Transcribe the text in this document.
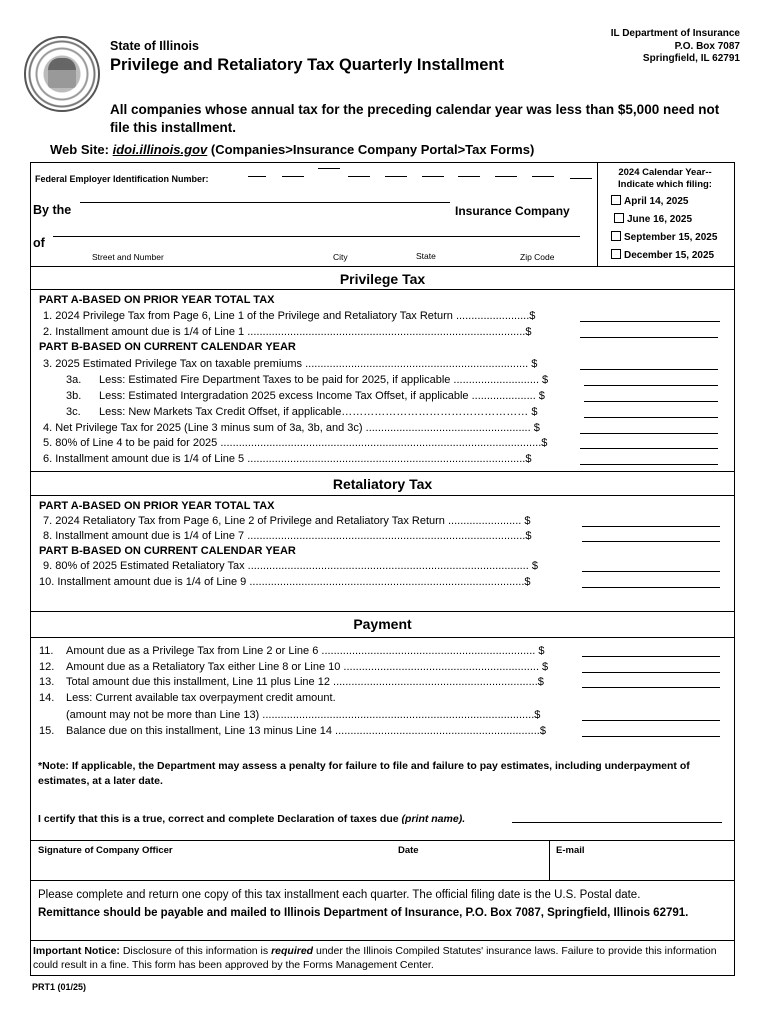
State of Illinois
Privilege and Retaliatory Tax Quarterly Installment
IL Department of Insurance
P.O. Box 7087
Springfield, IL 62791
All companies whose annual tax for the preceding calendar year was less than $5,000 need not file this installment.
Web Site: idoi.illinois.gov (Companies>Insurance Company Portal>Tax Forms)
Federal Employer Identification Number:
By the	Insurance Company
of
Street and Number	City	State	Zip Code
2024 Calendar Year--
Indicate which filing:
April 14, 2025
June 16, 2025
September 15, 2025
December 15, 2025
Privilege Tax
PART A-BASED ON PRIOR YEAR TOTAL TAX
1. 2024 Privilege Tax from Page 6, Line 1 of the Privilege and Retaliatory Tax Return ........................$
2. Installment amount due is 1/4 of Line 1 ...........................................................................................$
PART B-BASED ON CURRENT CALENDAR YEAR
3. 2025 Estimated Privilege Tax on taxable premiums ......................................................................... $
3a. Less: Estimated Fire Department Taxes to be paid for 2025, if applicable ............................ $
3b. Less: Estimated Intergradation 2025 excess Income Tax Offset, if applicable ..................... $
3c. Less: New Markets Tax Credit Offset, if applicable…………………………………………… $
4. Net Privilege Tax for 2025 (Line 3 minus sum of 3a, 3b, and 3c) ...................................................... $
5. 80% of Line 4 to be paid for 2025 .........................................................................................................$
6. Installment amount due is 1/4 of Line 5 ...........................................................................................$
Retaliatory Tax
PART A-BASED ON PRIOR YEAR TOTAL TAX
7. 2024 Retaliatory Tax from Page 6, Line 2 of Privilege and Retaliatory Tax Return ........................ $
8. Installment amount due is 1/4 of Line 7 ...........................................................................................$
PART B-BASED ON CURRENT CALENDAR YEAR
9. 80% of 2025 Estimated Retaliatory Tax ............................................................................................ $
10. Installment amount due is 1/4 of Line 9 ..........................................................................................$
Payment
11. Amount due as a Privilege Tax from Line 2 or Line 6 ...................................................................... $
12. Amount due as a Retaliatory Tax either Line 8 or Line 10 ................................................................ $
13. Total amount due this installment, Line 11 plus Line 12 ...................................................................$
14. Less: Current available tax overpayment credit amount.
(amount may not be more than Line 13) .........................................................................................$
15. Balance due on this installment, Line 13 minus Line 14 ...................................................................$
*Note: If applicable, the Department may assess a penalty for failure to file and failure to pay estimates, including underpayment of estimates, at a later date.
I certify that this is a true, correct and complete Declaration of taxes due (print name).
Signature of Company Officer	Date	E-mail
Please complete and return one copy of this tax installment each quarter. The official filing date is the U.S. Postal date.
Remittance should be payable and mailed to Illinois Department of Insurance, P.O. Box 7087, Springfield, Illinois 62791.
Important Notice: Disclosure of this information is required under the Illinois Compiled Statutes' insurance laws. Failure to provide this information could result in a fine. This form has been approved by the Forms Management Center.
PRT1 (01/25)
